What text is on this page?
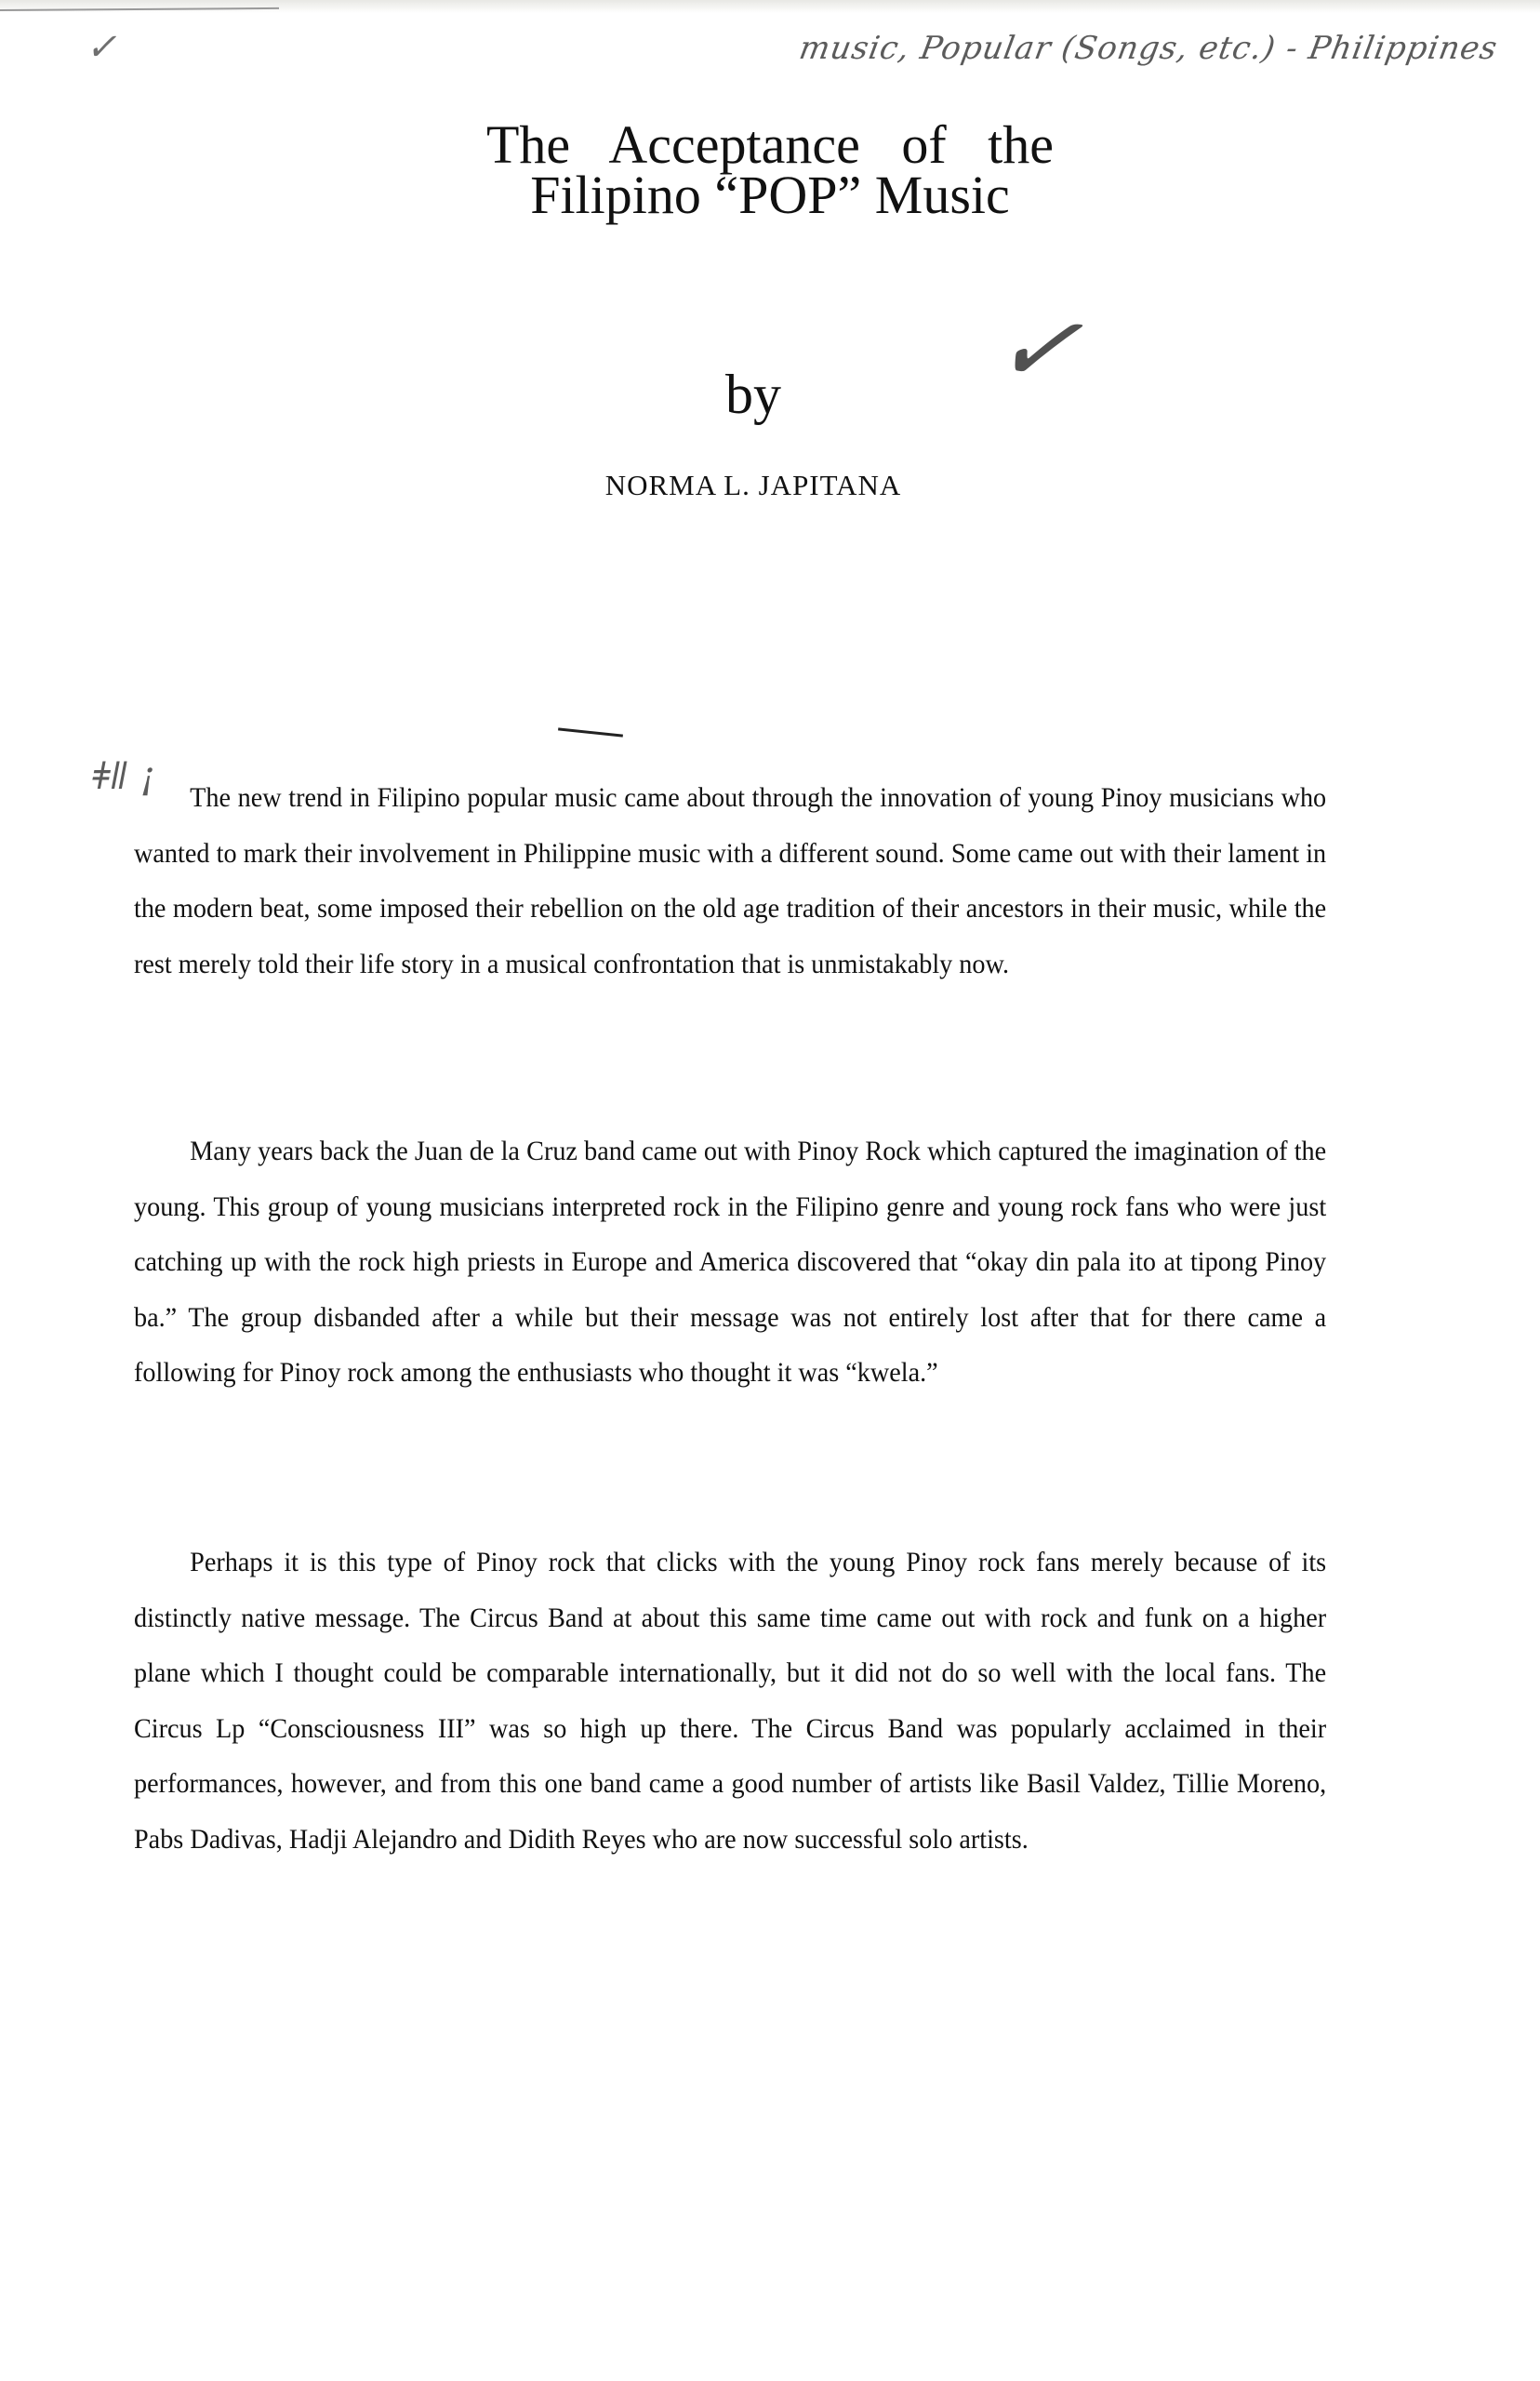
✓	music, Popular (Songs, etc.) - Philippines
The Acceptance of the
Filipino “POP” Music
✓
by
NORMA L. JAPITANA
ǂǁ ¡	The new trend in Filipino popular music came about through the innovation of young Pinoy musicians who wanted to mark their involvement in Philippine music with a different sound. Some came out with their lament in the modern beat, some imposed their rebellion on the old age tradition of their ancestors in their music, while the rest merely told their life story in a musical confrontation that is unmistakably now.

Many years back the Juan de la Cruz band came out with Pinoy Rock which captured the imagination of the young. This group of young musicians interpreted rock in the Filipino genre and young rock fans who were just catching up with the rock high priests in Europe and America discovered that “okay din pala ito at tipong Pinoy ba.” The group disbanded after a while but their message was not entirely lost after that for there came a following for Pinoy rock among the enthusiasts who thought it was “kwela.”

Perhaps it is this type of Pinoy rock that clicks with the young Pinoy rock fans merely because of its distinctly native message. The Circus Band at about this same time came out with rock and funk on a higher plane which I thought could be comparable internationally, but it did not do so well with the local fans. The Circus Lp “Consciousness III” was so high up there. The Circus Band was popularly acclaimed in their performances, however, and from this one band came a good number of artists like Basil Valdez, Tillie Moreno, Pabs Dadivas, Hadji Alejandro and Didith Reyes who are now successful solo artists.
